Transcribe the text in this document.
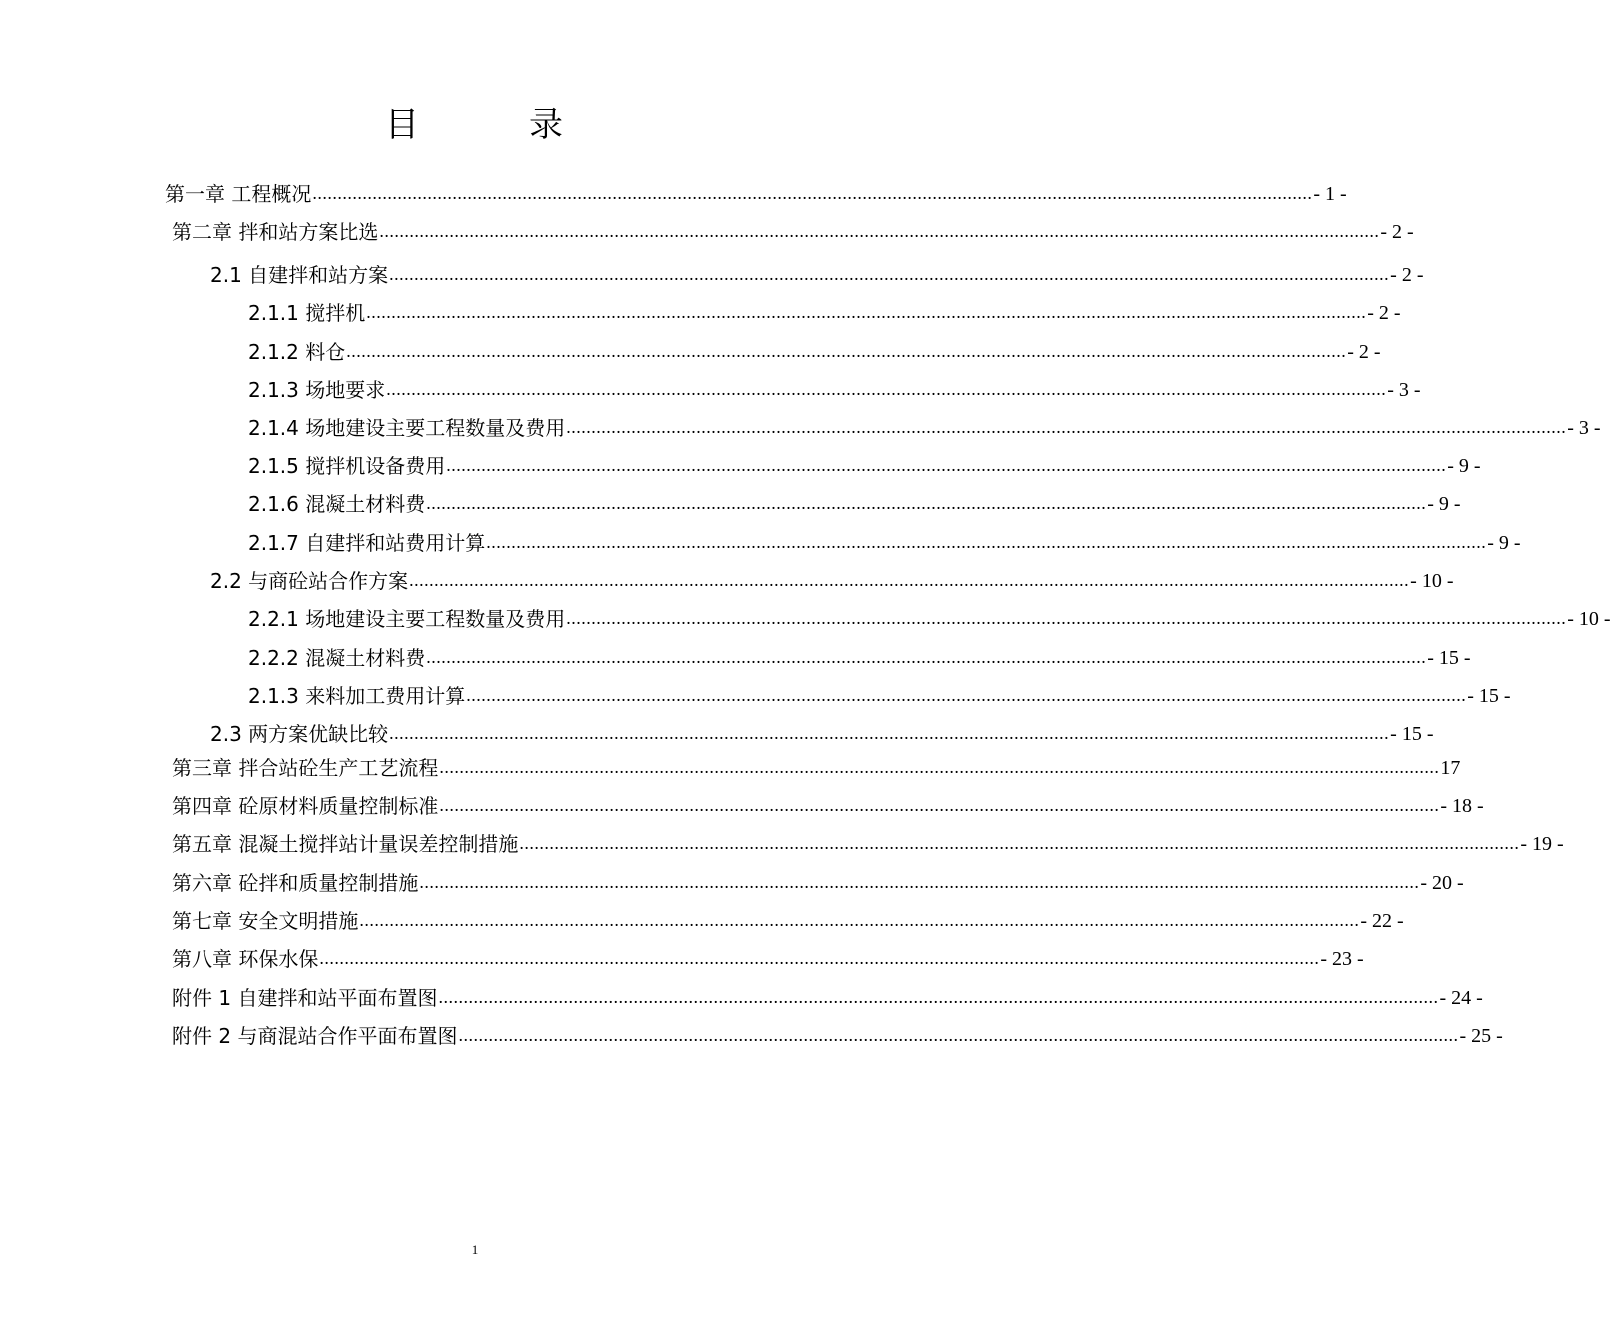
目　录
第一章 工程概况 ........................................................................................................................................................................................................ - 1 -
第二章 拌和站方案比选 ........................................................................................................................................................................................................ - 2 -
2.1 自建拌和站方案 ........................................................................................................................................................................................................ - 2 -
2.1.1 搅拌机 ........................................................................................................................................................................................................ - 2 -
2.1.2 料仓 ........................................................................................................................................................................................................ - 2 -
2.1.3 场地要求 ........................................................................................................................................................................................................ - 3 -
2.1.4 场地建设主要工程数量及费用 ........................................................................................................................................................................................................ - 3 -
2.1.5 搅拌机设备费用 ........................................................................................................................................................................................................ - 9 -
2.1.6 混凝土材料费 ........................................................................................................................................................................................................ - 9 -
2.1.7 自建拌和站费用计算 ........................................................................................................................................................................................................ - 9 -
2.2 与商砼站合作方案 ........................................................................................................................................................................................................ - 10 -
2.2.1 场地建设主要工程数量及费用 ........................................................................................................................................................................................................ - 10 -
2.2.2 混凝土材料费 ........................................................................................................................................................................................................ - 15 -
2.1.3 来料加工费用计算 ........................................................................................................................................................................................................ - 15 -
2.3 两方案优缺比较 ........................................................................................................................................................................................................ - 15 -
第三章 拌合站砼生产工艺流程 ........................................................................................................................................................................................................ 17
第四章 砼原材料质量控制标准 ........................................................................................................................................................................................................ - 18 -
第五章 混凝土搅拌站计量误差控制措施 ........................................................................................................................................................................................................ - 19 -
第六章 砼拌和质量控制措施 ........................................................................................................................................................................................................ - 20 -
第七章 安全文明措施 ........................................................................................................................................................................................................ - 22 -
第八章 环保水保 ........................................................................................................................................................................................................ - 23 -
附件 1 自建拌和站平面布置图 ........................................................................................................................................................................................................ - 24 -
附件 2 与商混站合作平面布置图 ........................................................................................................................................................................................................ - 25 -
1
